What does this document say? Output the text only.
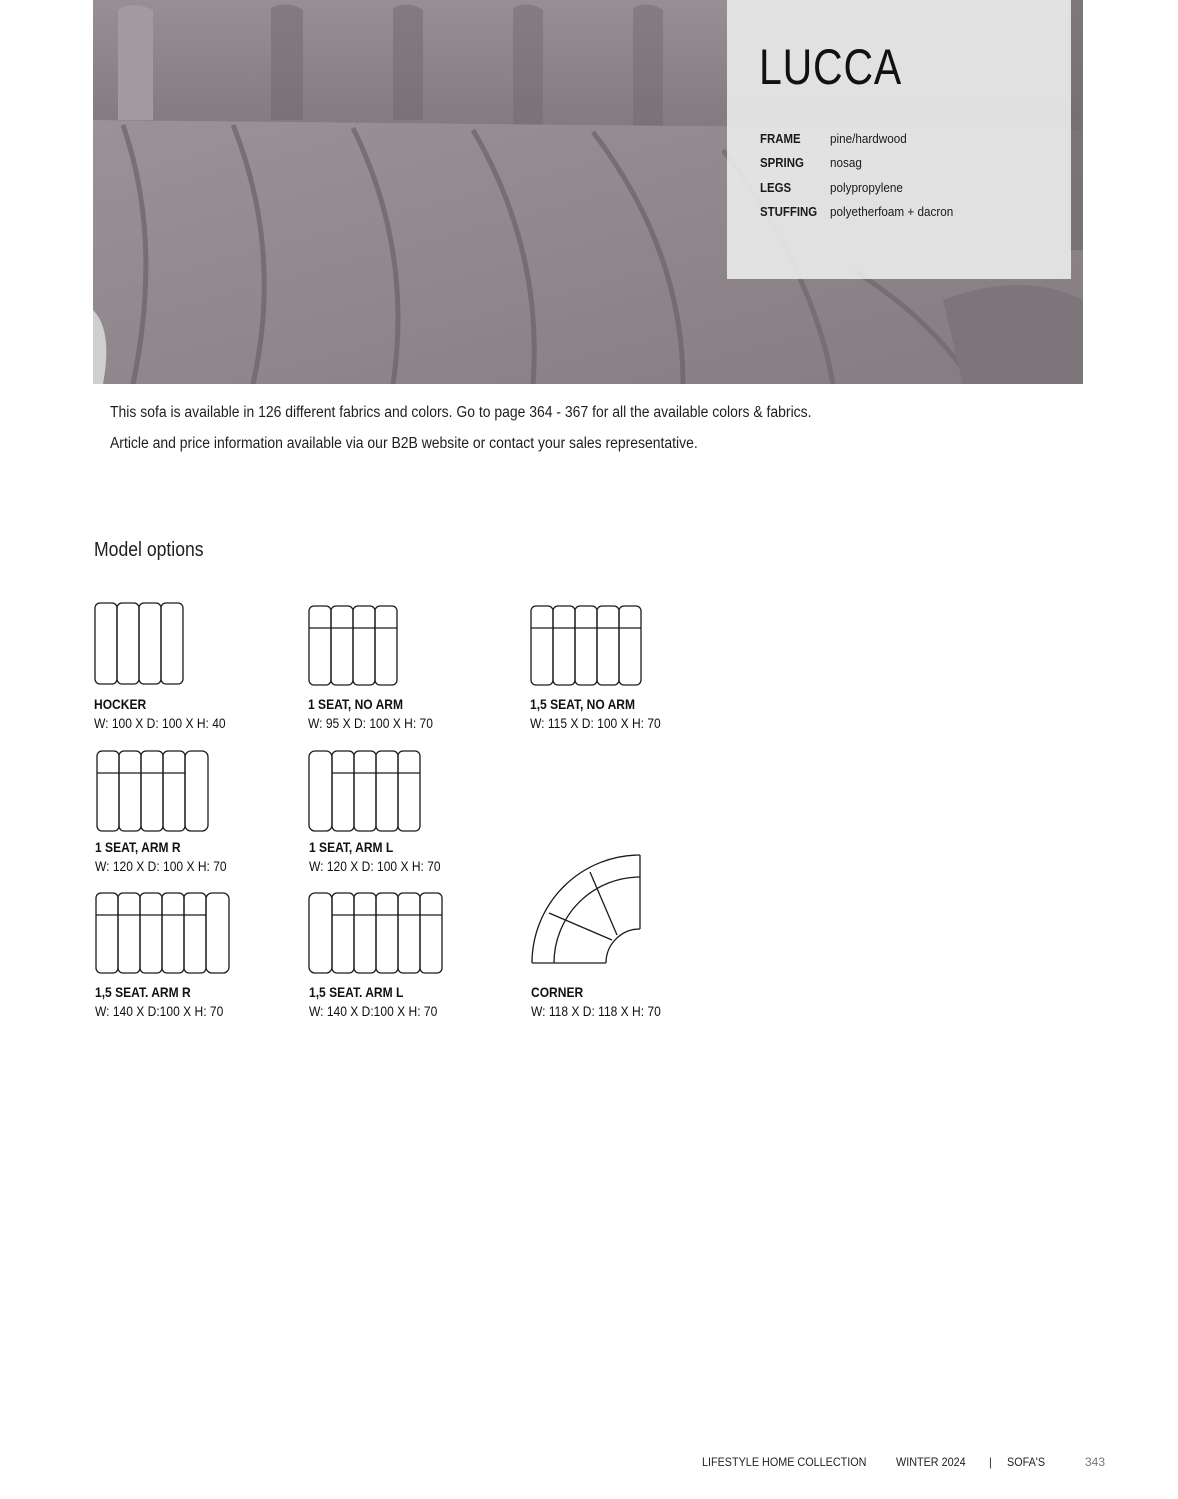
LUCCA
FRAME	pine/hardwood
SPRING	nosag
LEGS	polypropylene
STUFFING polyetherfoam + dacron

This sofa is available in 126 different fabrics and colors. Go to page 364 - 367 for all the available colors & fabrics.

Article and price information available via our B2B website or contact your sales representative.

Model options
HOCKER
W: 100 X D: 100 X H: 40
1 SEAT, NO ARM
W: 95 X D: 100 X H: 70
1,5 SEAT, NO ARM
W: 115 X D: 100 X H: 70
1 SEAT, ARM R
W: 120 X D: 100 X H: 70
1 SEAT, ARM L
W: 120 X D: 100 X H: 70
1,5 SEAT. ARM R
W: 140 X D:100 X H: 70
1,5 SEAT. ARM L
W: 140 X D:100 X H: 70
CORNER
W: 118 X D: 118 X H: 70
LIFESTYLE HOME COLLECTION WINTER 2024 | SOFA'S	343
